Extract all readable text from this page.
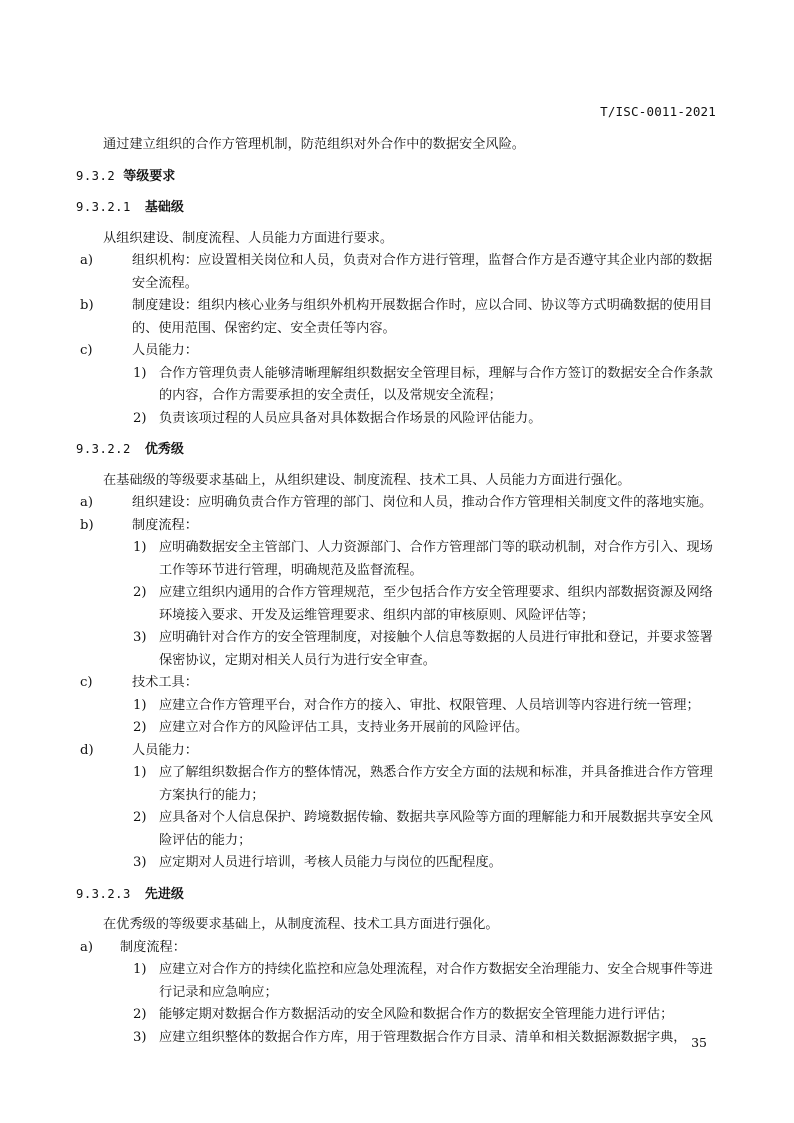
T/ISC-0011-2021

通过建立组织的合作方管理机制，防范组织对外合作中的数据安全风险。

9.3.2 等级要求
9.3.2.1 基础级

从组织建设、制度流程、人员能力方面进行要求。

a)	组织机构：应设置相关岗位和人员，负责对合作方进行管理，监督合作方是否遵守其企业内部的数据安全流程。
b)	制度建设：组织内核心业务与组织外机构开展数据合作时，应以合同、协议等方式明确数据的使用目的、使用范围、保密约定、安全责任等内容。
c)	人员能力：
1) 合作方管理负责人能够清晰理解组织数据安全管理目标，理解与合作方签订的数据安全合作条款的内容，合作方需要承担的安全责任，以及常规安全流程；
2) 负责该项过程的人员应具备对具体数据合作场景的风险评估能力。
9.3.2.2 优秀级

在基础级的等级要求基础上，从组织建设、制度流程、技术工具、人员能力方面进行强化。

a)	组织建设：应明确负责合作方管理的部门、岗位和人员，推动合作方管理相关制度文件的落地实施。
b)	制度流程：
1) 应明确数据安全主管部门、人力资源部门、合作方管理部门等的联动机制，对合作方引入、现场工作等环节进行管理，明确规范及监督流程。
2) 应建立组织内通用的合作方管理规范，至少包括合作方安全管理要求、组织内部数据资源及网络环境接入要求、开发及运维管理要求、组织内部的审核原则、风险评估等；
3) 应明确针对合作方的安全管理制度，对接触个人信息等数据的人员进行审批和登记，并要求签署保密协议，定期对相关人员行为进行安全审查。
c)	技术工具：
1) 应建立合作方管理平台，对合作方的接入、审批、权限管理、人员培训等内容进行统一管理；
2) 应建立对合作方的风险评估工具，支持业务开展前的风险评估。
d)	人员能力：
1) 应了解组织数据合作方的整体情况，熟悉合作方安全方面的法规和标准，并具备推进合作方管理方案执行的能力；
2) 应具备对个人信息保护、跨境数据传输、数据共享风险等方面的理解能力和开展数据共享安全风险评估的能力；
3) 应定期对人员进行培训，考核人员能力与岗位的匹配程度。
9.3.2.3 先进级

在优秀级的等级要求基础上，从制度流程、技术工具方面进行强化。

a) 制度流程：
1) 应建立对合作方的持续化监控和应急处理流程，对合作方数据安全治理能力、安全合规事件等进行记录和应急响应；
2) 能够定期对数据合作方数据活动的安全风险和数据合作方的数据安全管理能力进行评估；
3) 应建立组织整体的数据合作方库，用于管理数据合作方目录、清单和相关数据源数据字典， 35
